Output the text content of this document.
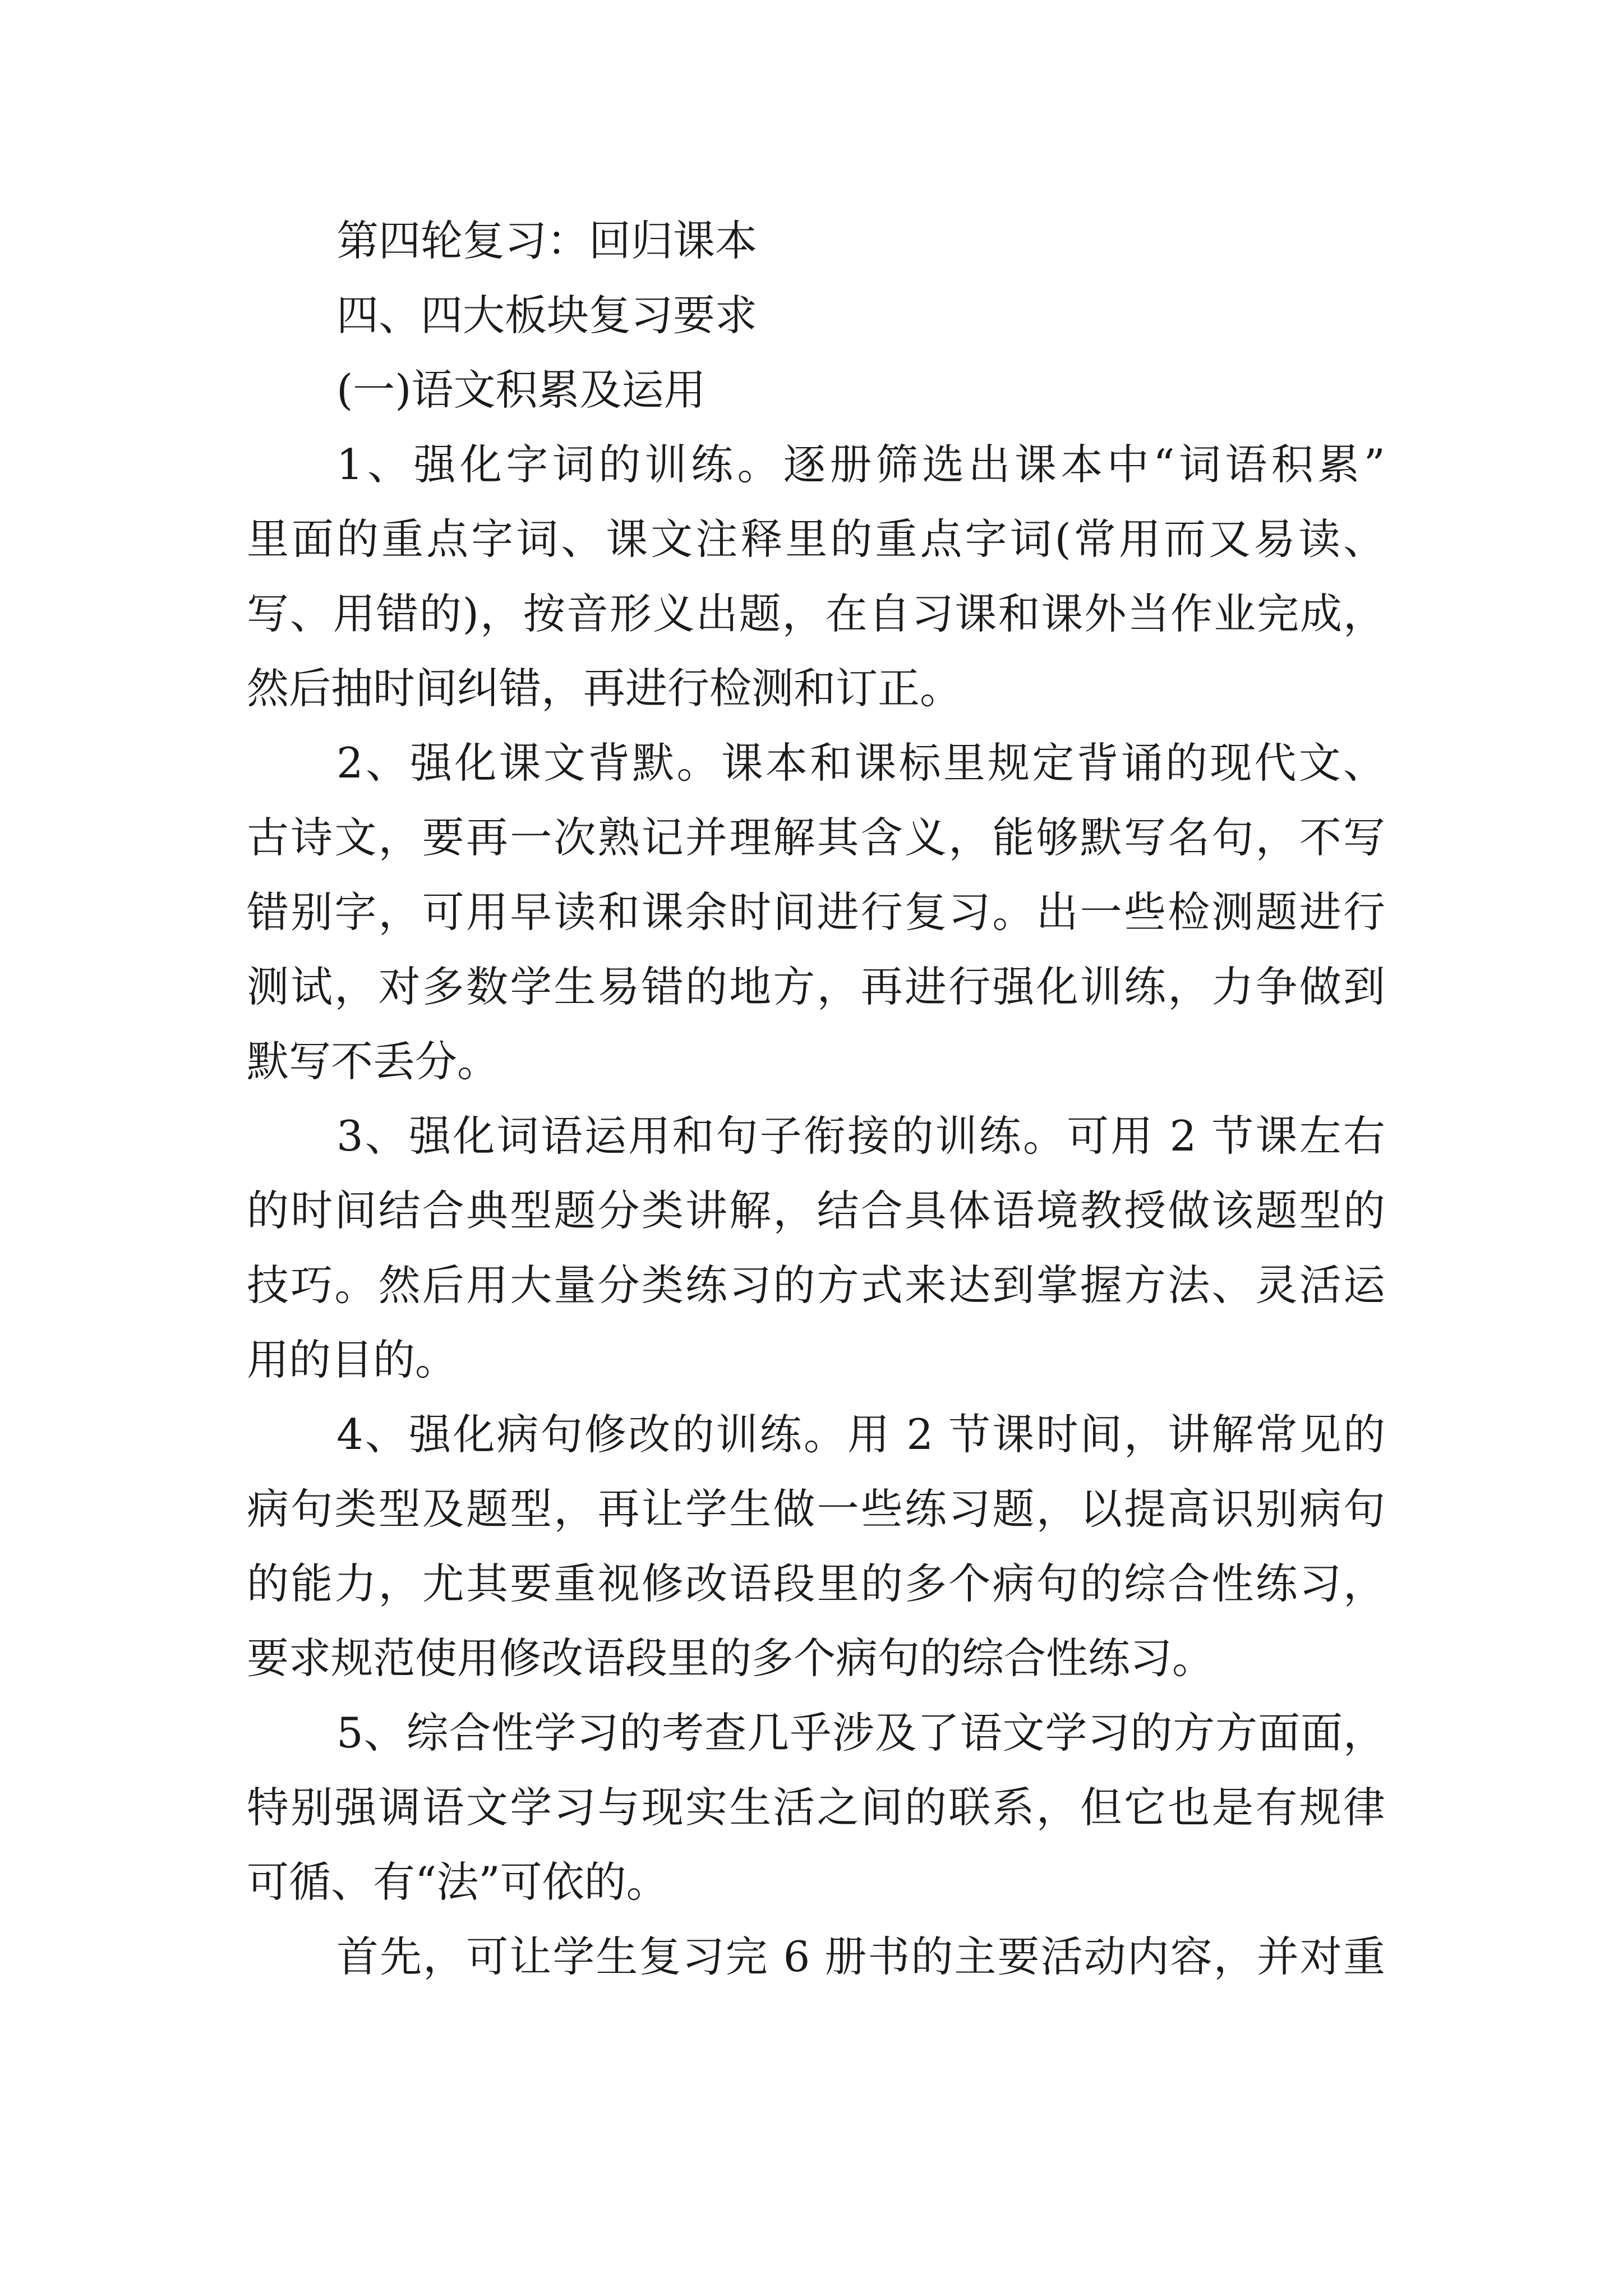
第四轮复习：回归课本
四、四大板块复习要求
(一)语文积累及运用
1、强化字词的训练。逐册筛选出课本中“词语积累”
里面的重点字词、课文注释里的重点字词(常用而又易读、
写、用错的)，按音形义出题，在自习课和课外当作业完成，
然后抽时间纠错，再进行检测和订正。
2、强化课文背默。课本和课标里规定背诵的现代文、
古诗文，要再一次熟记并理解其含义，能够默写名句，不写
错别字，可用早读和课余时间进行复习。出一些检测题进行
测试，对多数学生易错的地方，再进行强化训练，力争做到
默写不丢分。
3、强化词语运用和句子衔接的训练。可用 2 节课左右
的时间结合典型题分类讲解，结合具体语境教授做该题型的
技巧。然后用大量分类练习的方式来达到掌握方法、灵活运
用的目的。
4、强化病句修改的训练。用 2 节课时间，讲解常见的
病句类型及题型，再让学生做一些练习题，以提高识别病句
的能力，尤其要重视修改语段里的多个病句的综合性练习，
要求规范使用修改语段里的多个病句的综合性练习。
5、综合性学习的考查几乎涉及了语文学习的方方面面，
特别强调语文学习与现实生活之间的联系，但它也是有规律
可循、有“法”可依的。
首先，可让学生复习完 6 册书的主要活动内容，并对重
